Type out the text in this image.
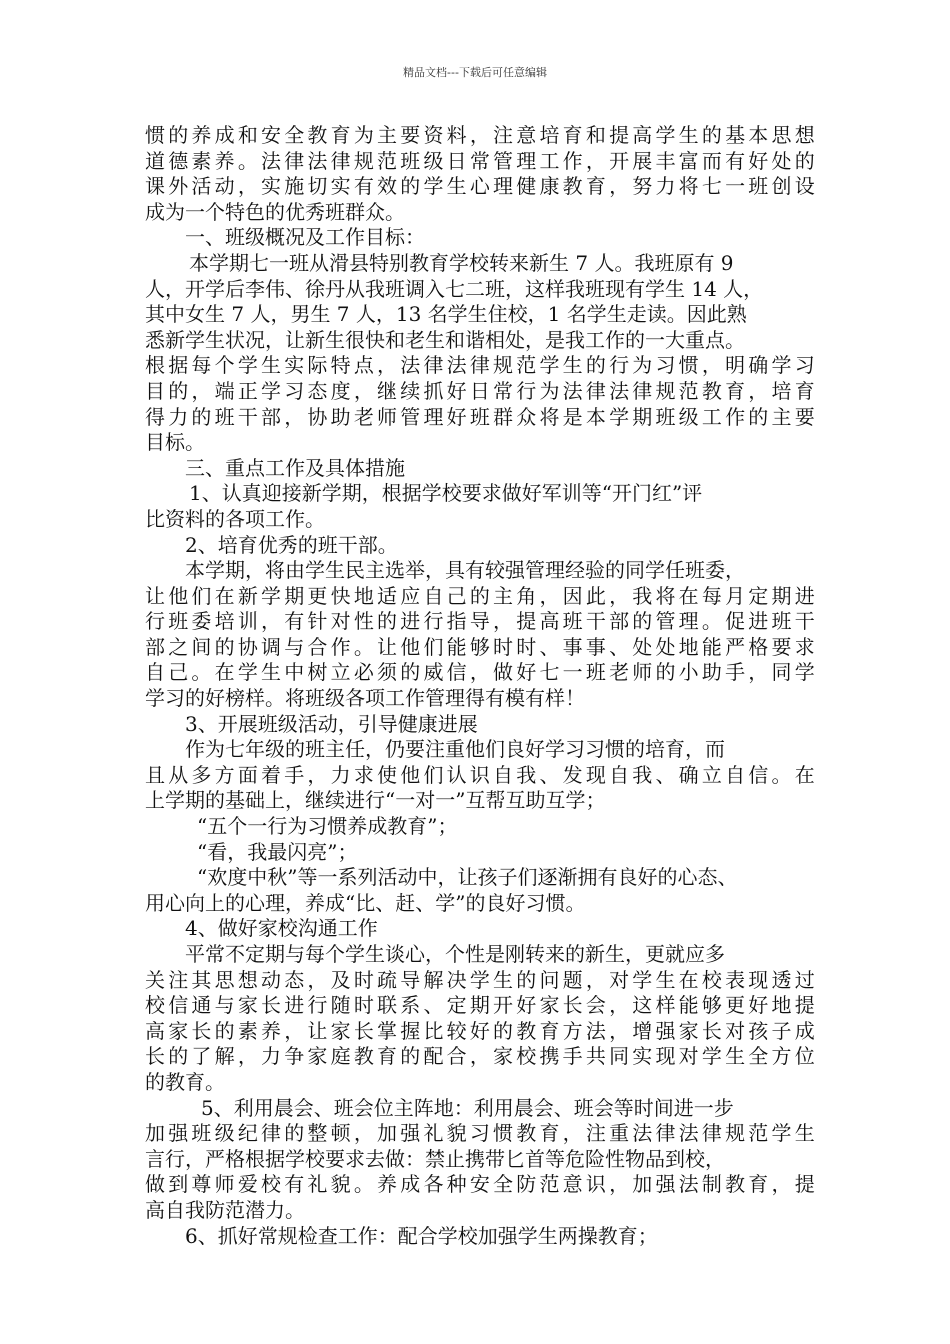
精品文档---下载后可任意编辑
惯 的 养 成 和 安 全 教 育 为 主 要 资 料 ， 注 意 培 育 和 提 高 学 生 的 基 本 思 想
道 德 素 养 。 法 律 法 律 规 范 班 级 日 常 管 理 工 作 ， 开 展 丰 富 而 有 好 处 的
课 外 活 动 ， 实 施 切 实 有 效 的 学 生 心 理 健 康 教 育 ， 努 力 将 七 一 班 创 设
成为一个特色的优秀班群众。
一、班级概况及工作目标：
本学期七一班从滑县特别教育学校转来新生 7 人。我班原有 9
人，开学后李伟、徐丹从我班调入七二班，这样我班现有学生 14 人，
其中女生 7 人，男生 7 人，13 名学生住校，1 名学生走读。因此熟
悉新学生状况，让新生很快和老生和谐相处，是我工作的一大重点。
根 据 每 个 学 生 实 际 特 点 ， 法 律 法 律 规 范 学 生 的 行 为 习 惯 ， 明 确 学 习
目 的 ， 端 正 学 习 态 度 ， 继 续 抓 好 日 常 行 为 法 律 法 律 规 范 教 育 ， 培 育
得 力 的 班 干 部 ， 协 助 老 师 管 理 好 班 群 众 将 是 本 学 期 班 级 工 作 的 主 要
目标。
三、重点工作及具体措施
1、认真迎接新学期，根据学校要求做好军训等“开门红”评
比资料的各项工作。
2、培育优秀的班干部。
本学期，将由学生民主选举，具有较强管理经验的同学任班委，
让 他 们 在 新 学 期 更 快 地 适 应 自 己 的 主 角 ， 因 此 ， 我 将 在 每 月 定 期 进
行 班 委 培 训 ， 有 针 对 性 的 进 行 指 导 ， 提 高 班 干 部 的 管 理 。 促 进 班 干
部 之 间 的 协 调 与 合 作 。 让 他 们 能 够 时 时 、 事 事 、 处 处 地 能 严 格 要 求
自 己 。 在 学 生 中 树 立 必 须 的 威 信 ， 做 好 七 一 班 老 师 的 小 助 手 ， 同 学
学习的好榜样。将班级各项工作管理得有模有样！
3、开展班级活动，引导健康进展
作为七年级的班主任，仍要注重他们良好学习习惯的培育，而
且 从 多 方 面 着 手 ， 力 求 使 他 们 认 识 自 我 、 发 现 自 我 、 确 立 自 信 。 在
上学期的基础上，继续进行“一对一”互帮互助互学；
“五个一行为习惯养成教育”；
“看，我最闪亮”；
“欢度中秋”等一系列活动中，让孩子们逐渐拥有良好的心态、
用心向上的心理，养成“比、赶、学”的良好习惯。
4、做好家校沟通工作
平常不定期与每个学生谈心，个性是刚转来的新生，更就应多
关 注 其 思 想 动 态 ， 及 时 疏 导 解 决 学 生 的 问 题 ， 对 学 生 在 校 表 现 透 过
校 信 通 与 家 长 进 行 随 时 联 系 、 定 期 开 好 家 长 会 ， 这 样 能 够 更 好 地 提
高 家 长 的 素 养 ， 让 家 长 掌 握 比 较 好 的 教 育 方 法 ， 增 强 家 长 对 孩 子 成
长 的 了 解 ， 力 争 家 庭 教 育 的 配 合 ， 家 校 携 手 共 同 实 现 对 学 生 全 方 位
的教育。
5、利用晨会、班会位主阵地：利用晨会、班会等时间进一步
加 强 班 级 纪 律 的 整 顿 ， 加 强 礼 貌 习 惯 教 育 ， 注 重 法 律 法 律 规 范 学 生
言行，严格根据学校要求去做：禁止携带匕首等危险性物品到校，
做 到 尊 师 爱 校 有 礼 貌 。 养 成 各 种 安 全 防 范 意 识 ， 加 强 法 制 教 育 ， 提
高自我防范潜力。
6、抓好常规检查工作：配合学校加强学生两操教育；
